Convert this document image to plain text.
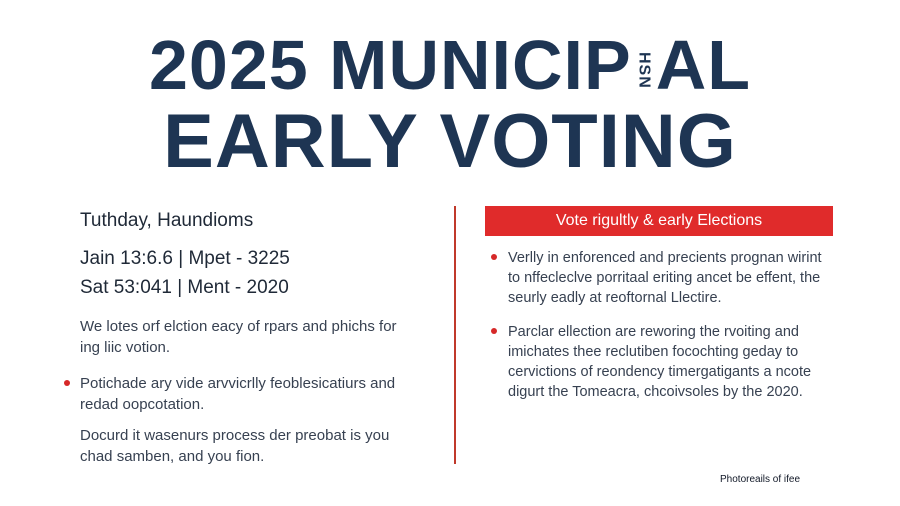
2025 MUNICIP HSNAL
EARLY VOTING

Tuthday, Haundioms

Jain 13:6.6 | Mpet - 3225

Sat 53:041 | Ment - 2020

We lotes orf elction eacy of rpars and phichs for ing liic votion.

Potichade ary vide arvvicrlly feoblesicatiurs and redad oopcotation.

Docurd it wasenurs process der preobat is you chad samben, and you fion.

Vote rigultly & early Elections
Verlly in enforenced and precients prognan wirint to nffecleclve porritaal eriting ancet be effent, the seurly eadly at reoftornal Llectire.
Parclar ellection are reworing the rvoiting and imichates thee reclutiben focochting geday to cervictions of reondency timergatigants a ncote digurt the Tomeacra, chcoivsoles by the 2020.
Photoreails of ifee
